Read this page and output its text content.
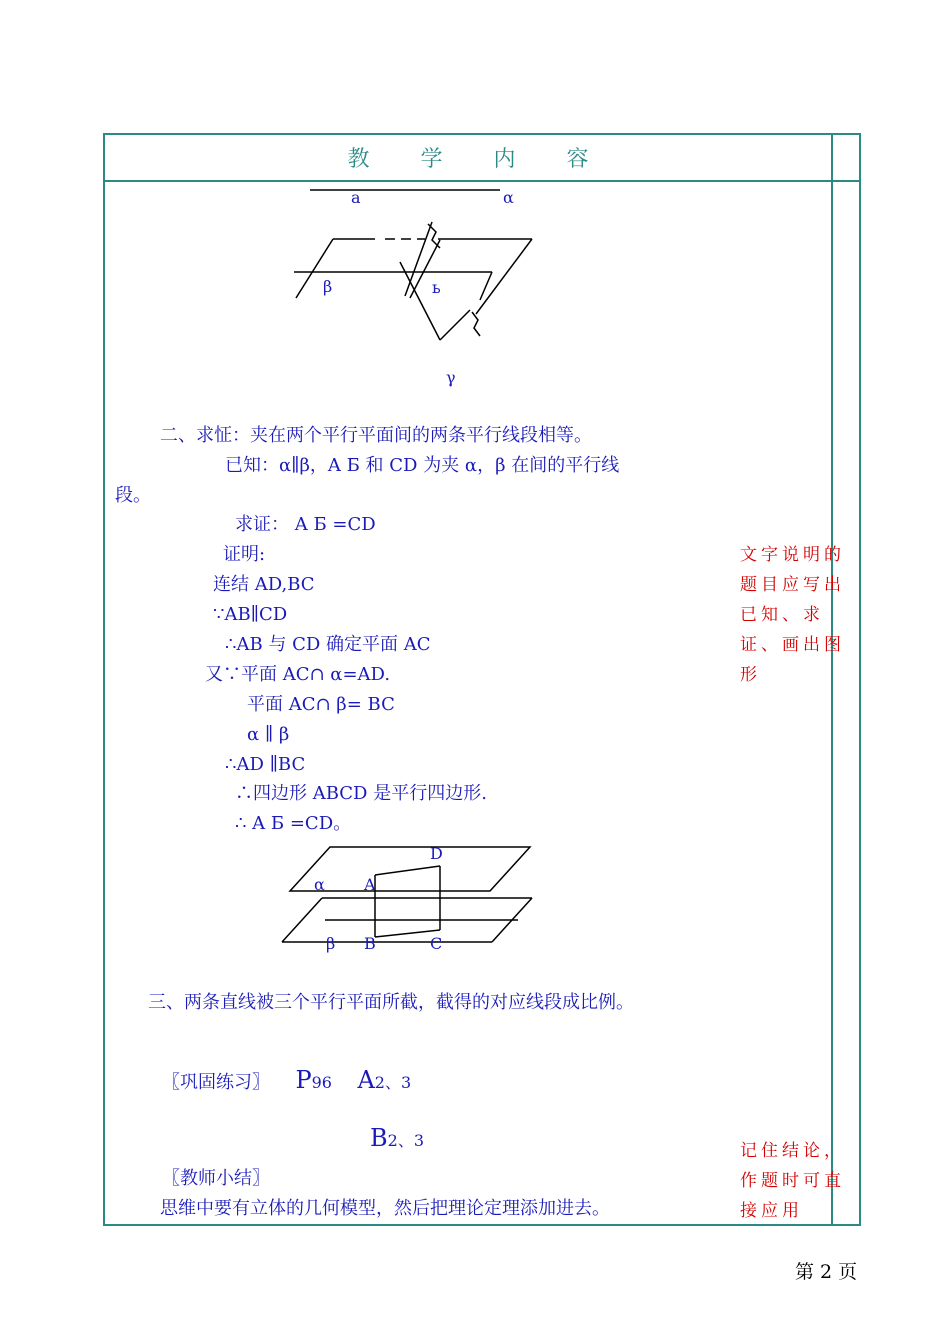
教 学 内 容
a	α
β	ь
γ
二、求怔：夹在两个平行平面间的两条平行线段相等。
已知：α∥β，A Б 和 CD 为夹 α，β 在间的平行线
段。
求证： A Б =CD
证明:
连结 AD,BC
∵AB∥CD
∴AB 与 CD 确定平面 AC
又∵平面 AC∩ α=AD.
平面 AC∩ β= BC
α ∥ β
∴AD ∥BC
∴四边形 ABCD 是平行四边形.
∴ A Б =CD。
D
A
α
β B	C
三、两条直线被三个平行平面所截，截得的对应线段成比例。
〖巩固练习〗 P96 A2、3
B2、3
〖教师小结〗
思维中要有立体的几何模型，然后把理论定理添加进去。
文字说明的题目应写出已知、求证、画出图形
记住结论，作题时可直接应用
第 2 页
